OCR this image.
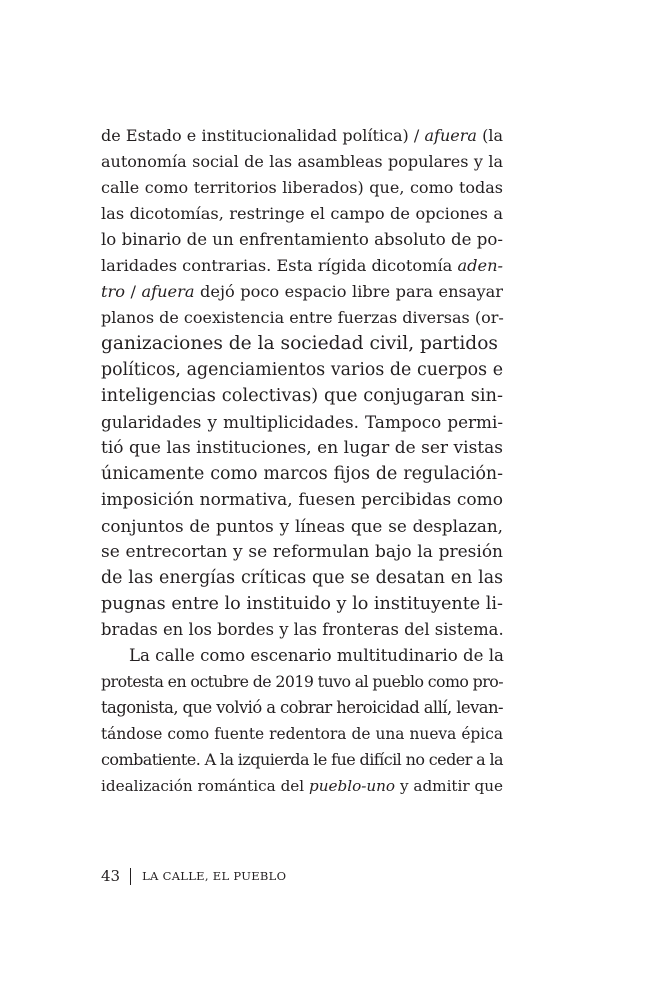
de Estado e institucionalidad política) / afuera (la
autonomía social de las asambleas populares y la
calle como territorios liberados) que, como todas
las dicotomías, restringe el campo de opciones a
lo binario de un enfrentamiento absoluto de po-
laridades contrarias. Esta rígida dicotomía aden-
tro / afuera dejó poco espacio libre para ensayar
planos de coexistencia entre fuerzas diversas (or-
ganizaciones de la sociedad civil, partidos
políticos, agenciamientos varios de cuerpos e
inteligencias colectivas) que conjugaran sin-
gularidades y multiplicidades. Tampoco permi-
tió que las instituciones, en lugar de ser vistas
únicamente como marcos fijos de regulación-
imposición normativa, fuesen percibidas como
conjuntos de puntos y líneas que se desplazan,
se entrecortan y se reformulan bajo la presión
de las energías críticas que se desatan en las
pugnas entre lo instituido y lo instituyente li-
bradas en los bordes y las fronteras del sistema.
La calle como escenario multitudinario de la
protesta en octubre de 2019 tuvo al pueblo como pro-
tagonista, que volvió a cobrar heroicidad allí, levan-
tándose como fuente redentora de una nueva épica
combatiente. A la izquierda le fue difícil no ceder a la
idealización romántica del pueblo-uno y admitir que
43 LA CALLE, EL PUEBLO
